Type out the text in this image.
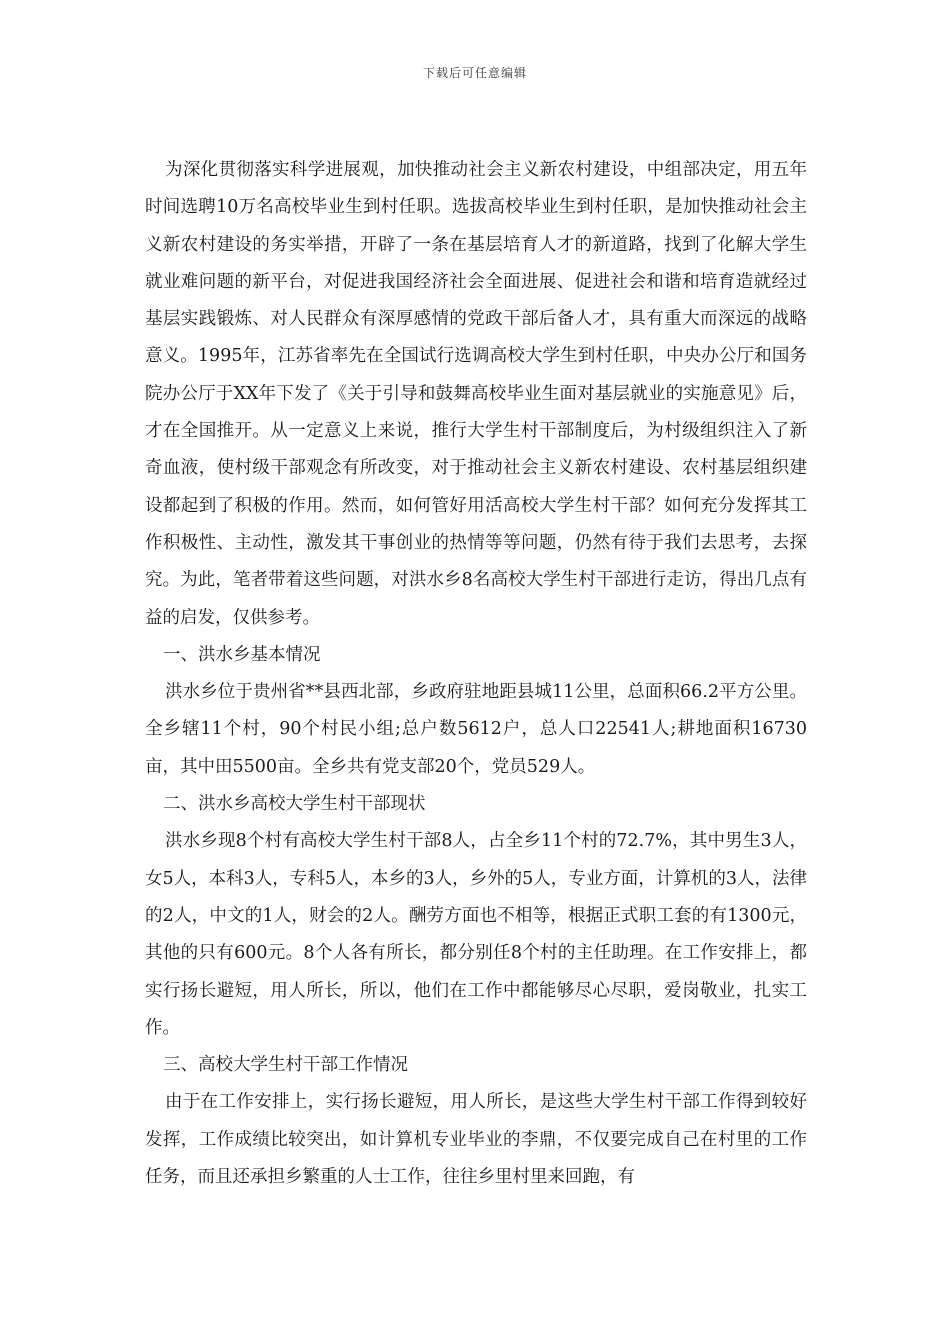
下载后可任意编辑

为深化贯彻落实科学进展观，加快推动社会主义新农村建设，中组部决定，用五年时间选聘10万名高校毕业生到村任职。选拔高校毕业生到村任职，是加快推动社会主义新农村建设的务实举措，开辟了一条在基层培育人才的新道路，找到了化解大学生就业难问题的新平台，对促进我国经济社会全面进展、促进社会和谐和培育造就经过基层实践锻炼、对人民群众有深厚感情的党政干部后备人才，具有重大而深远的战略意义。1995年，江苏省率先在全国试行选调高校大学生到村任职，中央办公厅和国务院办公厅于XX年下发了《关于引导和鼓舞高校毕业生面对基层就业的实施意见》后，才在全国推开。从一定意义上来说，推行大学生村干部制度后，为村级组织注入了新奇血液，使村级干部观念有所改变，对于推动社会主义新农村建设、农村基层组织建设都起到了积极的作用。然而，如何管好用活高校大学生村干部？如何充分发挥其工作积极性、主动性，激发其干事创业的热情等等问题，仍然有待于我们去思考，去探究。为此，笔者带着这些问题，对洪水乡8名高校大学生村干部进行走访，得出几点有益的启发，仅供参考。

一、洪水乡基本情况

洪水乡位于贵州省**县西北部，乡政府驻地距县城11公里，总面积66.2平方公里。全乡辖11个村，90个村民小组;总户数5612户，总人口22541人;耕地面积16730亩，其中田5500亩。全乡共有党支部20个，党员529人。

二、洪水乡高校大学生村干部现状

洪水乡现8个村有高校大学生村干部8人，占全乡11个村的72.7%，其中男生3人，女5人，本科3人，专科5人，本乡的3人，乡外的5人，专业方面，计算机的3人，法律的2人，中文的1人，财会的2人。酬劳方面也不相等，根据正式职工套的有1300元，其他的只有600元。8个人各有所长，都分别任8个村的主任助理。在工作安排上，都实行扬长避短，用人所长，所以，他们在工作中都能够尽心尽职，爱岗敬业，扎实工作。

三、高校大学生村干部工作情况

由于在工作安排上，实行扬长避短，用人所长，是这些大学生村干部工作得到较好发挥，工作成绩比较突出，如计算机专业毕业的李鼎，不仅要完成自己在村里的工作任务，而且还承担乡繁重的人士工作，往往乡里村里来回跑，有
